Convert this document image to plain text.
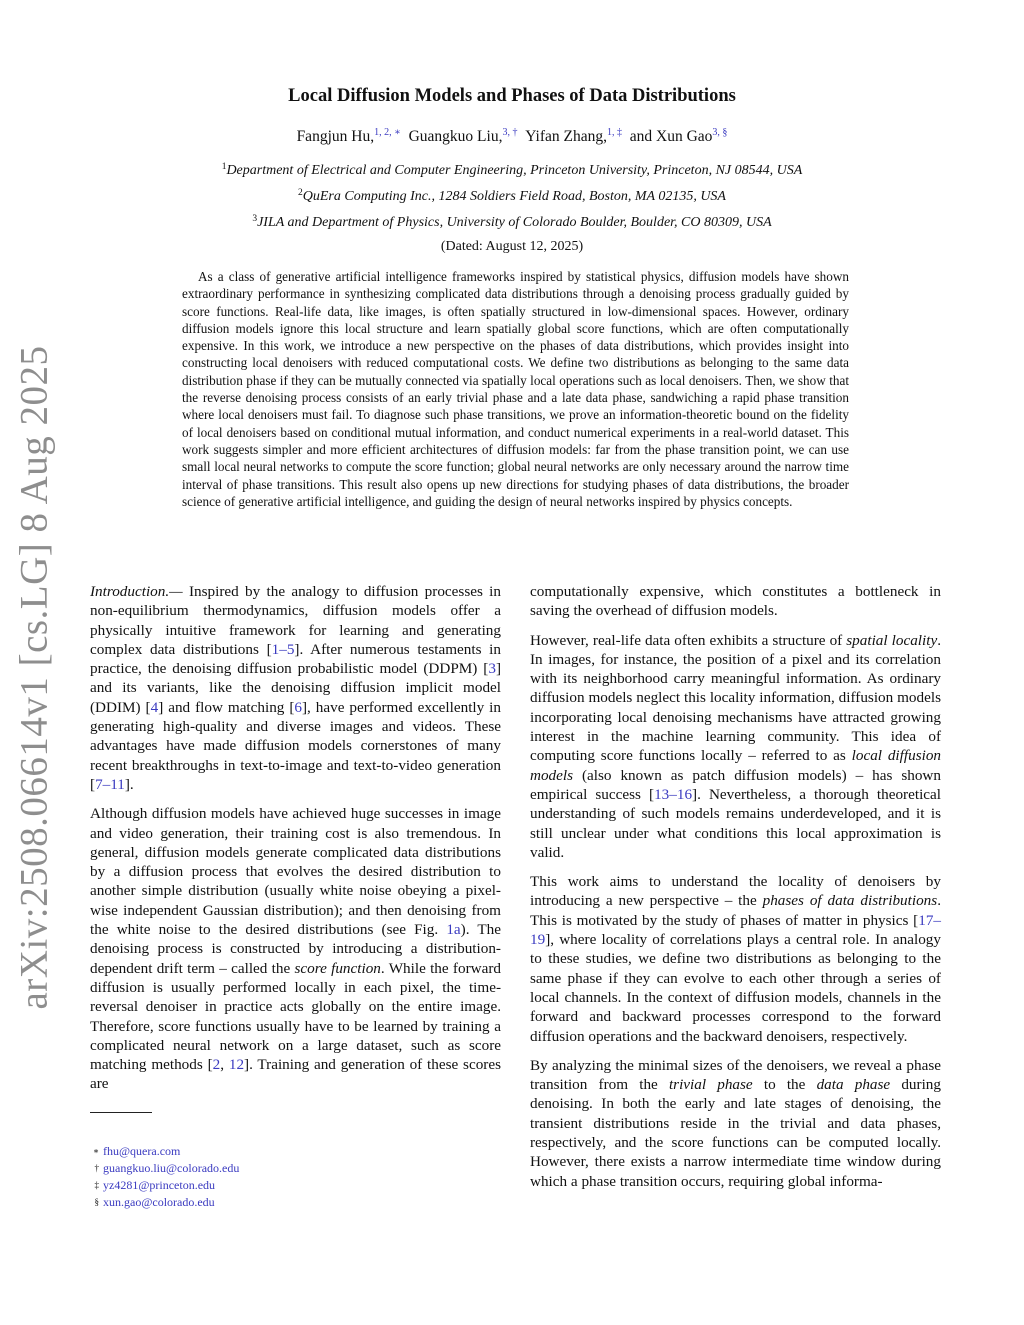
arXiv:2508.06614v1 [cs.LG] 8 Aug 2025
Local Diffusion Models and Phases of Data Distributions
Fangjun Hu,$^{1, 2, ∗}$ Guangkuo Liu,$^{3, \dagger}$ Yifan Zhang,$^{1, \ddagger}$ and Xun Gao$^{3, \S}$
$^1$Department of Electrical and Computer Engineering, Princeton University, Princeton, NJ 08544, USA
$^2$QuEra Computing Inc., 1284 Soldiers Field Road, Boston, MA 02135, USA
$^3$JILA and Department of Physics, University of Colorado Boulder, Boulder, CO 80309, USA
(Dated: August 12, 2025)
As a class of generative artificial intelligence frameworks inspired by statistical physics, diffusion models have shown extraordinary performance in synthesizing complicated data distributions through a denoising process gradually guided by score functions. Real-life data, like images, is often spatially structured in low-dimensional spaces. However, ordinary diffusion models ignore this local structure and learn spatially global score functions, which are often computationally expensive. In this work, we introduce a new perspective on the phases of data distributions, which provides insight into constructing local denoisers with reduced computational costs. We define two distributions as belonging to the same data distribution phase if they can be mutually connected via spatially local operations such as local denoisers. Then, we show that the reverse denoising process consists of an early trivial phase and a late data phase, sandwiching a rapid phase transition where local denoisers must fail. To diagnose such phase transitions, we prove an information-theoretic bound on the fidelity of local denoisers based on conditional mutual information, and conduct numerical experiments in a real-world dataset. This work suggests simpler and more efficient architectures of diffusion models: far from the phase transition point, we can use small local neural networks to compute the score function; global neural networks are only necessary around the narrow time interval of phase transitions. This result also opens up new directions for studying phases of data distributions, the broader science of generative artificial intelligence, and guiding the design of neural networks inspired by physics concepts.

Introduction.— Inspired by the analogy to diffusion processes in non-equilibrium thermodynamics, diffusion models offer a physically intuitive framework for learning and generating complex data distributions [1–5]. After numerous testaments in practice, the denoising diffusion probabilistic model (DDPM) [3] and its variants, like the denoising diffusion implicit model (DDIM) [4] and flow matching [6], have performed excellently in generating high-quality and diverse images and videos. These advantages have made diffusion models cornerstones of many recent breakthroughs in text-to-image and text-to-video generation [7–11].

Although diffusion models have achieved huge successes in image and video generation, their training cost is also tremendous. In general, diffusion models generate complicated data distributions by a diffusion process that evolves the desired distribution to another simple distribution (usually white noise obeying a pixel-wise independent Gaussian distribution); and then denoising from the white noise to the desired distributions (see Fig. 1a). The denoising process is constructed by introducing a distribution-dependent drift term – called the score function. While the forward diffusion is usually performed locally in each pixel, the time-reversal denoiser in practice acts globally on the entire image. Therefore, score functions usually have to be learned by training a complicated neural network on a large dataset, such as score matching methods [2, 12]. Training and generation of these scores are

computationally expensive, which constitutes a bottleneck in saving the overhead of diffusion models.

However, real-life data often exhibits a structure of spatial locality. In images, for instance, the position of a pixel and its correlation with its neighborhood carry meaningful information. As ordinary diffusion models neglect this locality information, diffusion models incorporating local denoising mechanisms have attracted growing interest in the machine learning community. This idea of computing score functions locally – referred to as local diffusion models (also known as patch diffusion models) – has shown empirical success [13–16]. Nevertheless, a thorough theoretical understanding of such models remains underdeveloped, and it is still unclear under what conditions this local approximation is valid.

This work aims to understand the locality of denoisers by introducing a new perspective – the phases of data distributions. This is motivated by the study of phases of matter in physics [17–19], where locality of correlations plays a central role. In analogy to these studies, we define two distributions as belonging to the same phase if they can evolve to each other through a series of local channels. In the context of diffusion models, channels in the forward and backward processes correspond to the forward diffusion operations and the backward denoisers, respectively.

By analyzing the minimal sizes of the denoisers, we reveal a phase transition from the trivial phase to the data phase during denoising. In both the early and late stages of denoising, the transient distributions reside in the trivial and data phases, respectively, and the score functions can be computed locally. However, there exists a narrow intermediate time window during which a phase transition occurs, requiring global informa-

∗ fhu@quera.com
† guangkuo.liu@colorado.edu
‡ yz4281@princeton.edu
§ xun.gao@colorado.edu
